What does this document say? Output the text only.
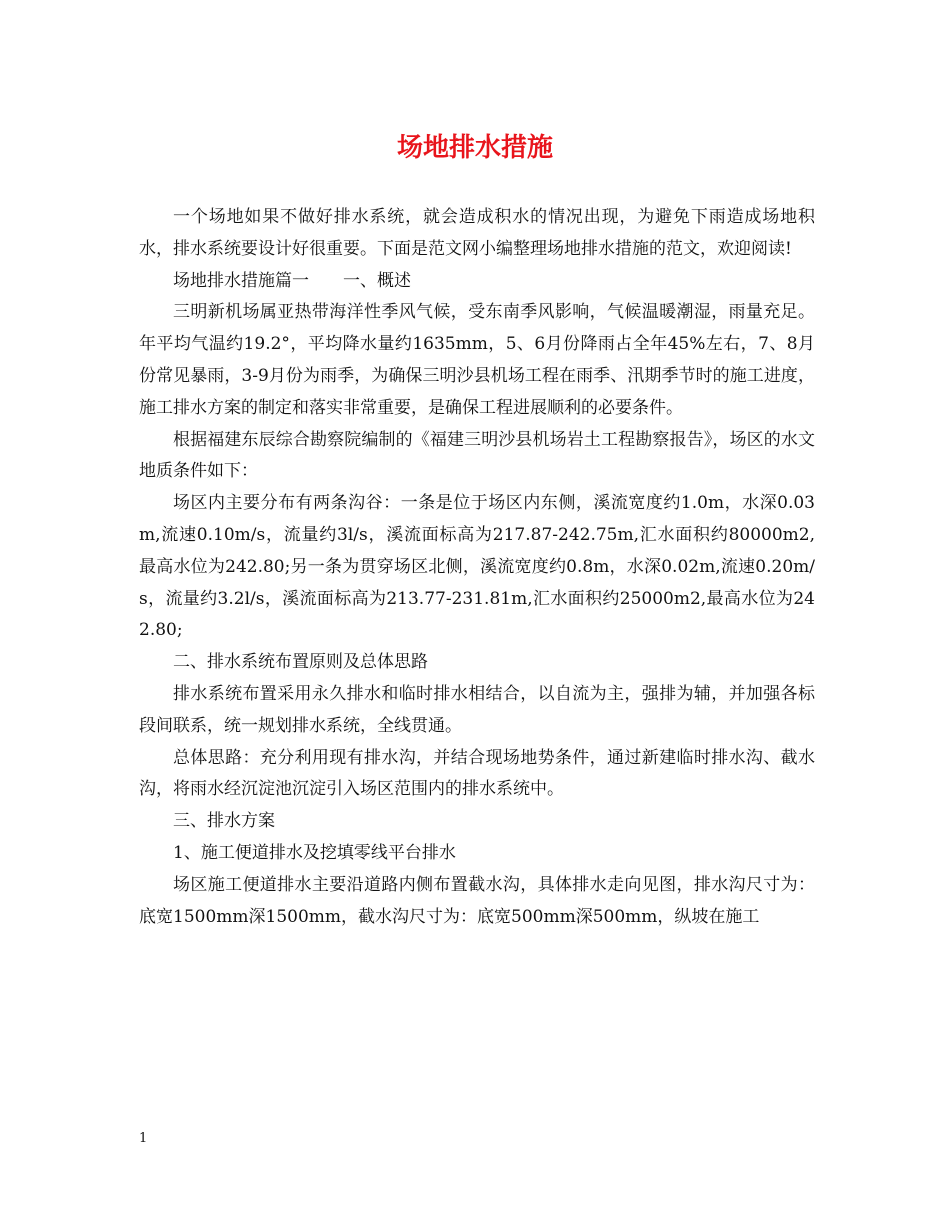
场地排水措施

一个场地如果不做好排水系统，就会造成积水的情况出现，为避免下雨造成场地积水，排水系统要设计好很重要。下面是范文网小编整理场地排水措施的范文，欢迎阅读!

场地排水措施篇一　　一、概述

三明新机场属亚热带海洋性季风气候，受东南季风影响，气候温暖潮湿，雨量充足。年平均气温约19.2°，平均降水量约1635mm，5、6月份降雨占全年45%左右，7、8月份常见暴雨，3-9月份为雨季，为确保三明沙县机场工程在雨季、汛期季节时的施工进度，施工排水方案的制定和落实非常重要，是确保工程进展顺利的必要条件。

根据福建东辰综合勘察院编制的《福建三明沙县机场岩土工程勘察报告》，场区的水文地质条件如下：

场区内主要分布有两条沟谷：一条是位于场区内东侧，溪流宽度约1.0m，水深0.03m,流速0.10m/s，流量约3l/s，溪流面标高为217.87-242.75m,汇水面积约80000m2,最高水位为242.80;另一条为贯穿场区北侧，溪流宽度约0.8m，水深0.02m,流速0.20m/s，流量约3.2l/s，溪流面标高为213.77-231.81m,汇水面积约25000m2,最高水位为242.80;

二、排水系统布置原则及总体思路

排水系统布置采用永久排水和临时排水相结合，以自流为主，强排为辅，并加强各标段间联系，统一规划排水系统，全线贯通。

总体思路：充分利用现有排水沟，并结合现场地势条件，通过新建临时排水沟、截水沟，将雨水经沉淀池沉淀引入场区范围内的排水系统中。

三、排水方案

1、施工便道排水及挖填零线平台排水

场区施工便道排水主要沿道路内侧布置截水沟，具体排水走向见图，排水沟尺寸为：底宽1500mm深1500mm，截水沟尺寸为：底宽500mm深500mm，纵坡在施工

1
